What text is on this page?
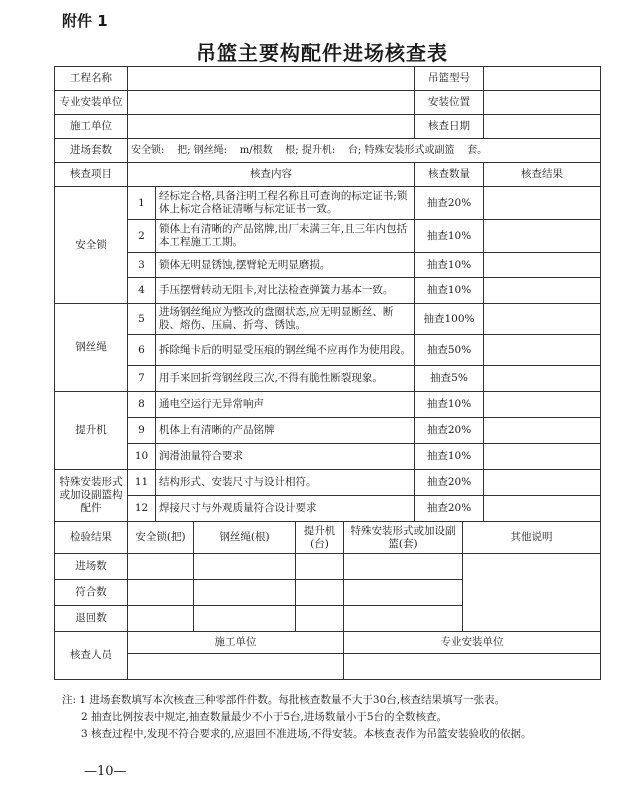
附件 1
吊篮主要构配件进场核查表
工程名称						吊篮型号		
专业安装单位						安装位置		
施工单位						核查日期		
进场套数	安全锁:    把; 钢丝绳:    m/根数    根; 提升机:    台; 特殊安装形式或副篮    套。							
核查项目	核查内容					核查数量		核查结果
安全锁	1	经标定合格,具备注明工程名称且可查询的标定证书;锁体上标定合格证清晰与标定证书一致。				抽查20%		
	2	锁体上有清晰的产品铭牌,出厂未满三年,且三年内包括本工程施工工期。				抽查10%		
	3	锁体无明显锈蚀,摆臂轮无明显磨损。				抽查10%		
	4	手压摆臂转动无阻卡,对比法检查弹簧力基本一致。				抽查10%		
钢丝绳	5	进场钢丝绳应为整改的盘圈状态,应无明显断丝、断股、熔伤、压扁、折弯、锈蚀。				抽查100%		
	6	拆除绳卡后的明显受压痕的钢丝绳不应再作为使用段。				抽查50%		
	7	用手来回折弯钢丝段三次,不得有脆性断裂现象。				抽查5%		
提升机	8	通电空运行无异常响声				抽查10%		
	9	机体上有清晰的产品铭牌				抽查20%		
	10	润滑油量符合要求				抽查10%		
特殊安装形式或加设副篮构配件	11	结构形式、安装尺寸与设计相符。				抽查20%		
	12	焊接尺寸与外观质量符合设计要求				抽查20%		
检验结果	安全锁(把)		钢丝绳(根)	提升机(台)	特殊安装形式或加设副篮(套)		其他说明	
进场数								
符合数								
退回数								
核查人员	施工单位				专业安装单位			

注: 1 进场套数填写本次核查三种零部件件数。每批核查数量不大于30台,核查结果填写一张表。
2 抽查比例按表中规定,抽查数量最少不小于5台,进场数量小于5台的全数核查。
3 核查过程中,发现不符合要求的,应退回不准进场,不得安装。本核查表作为吊篮安装验收的依据。
—10—
